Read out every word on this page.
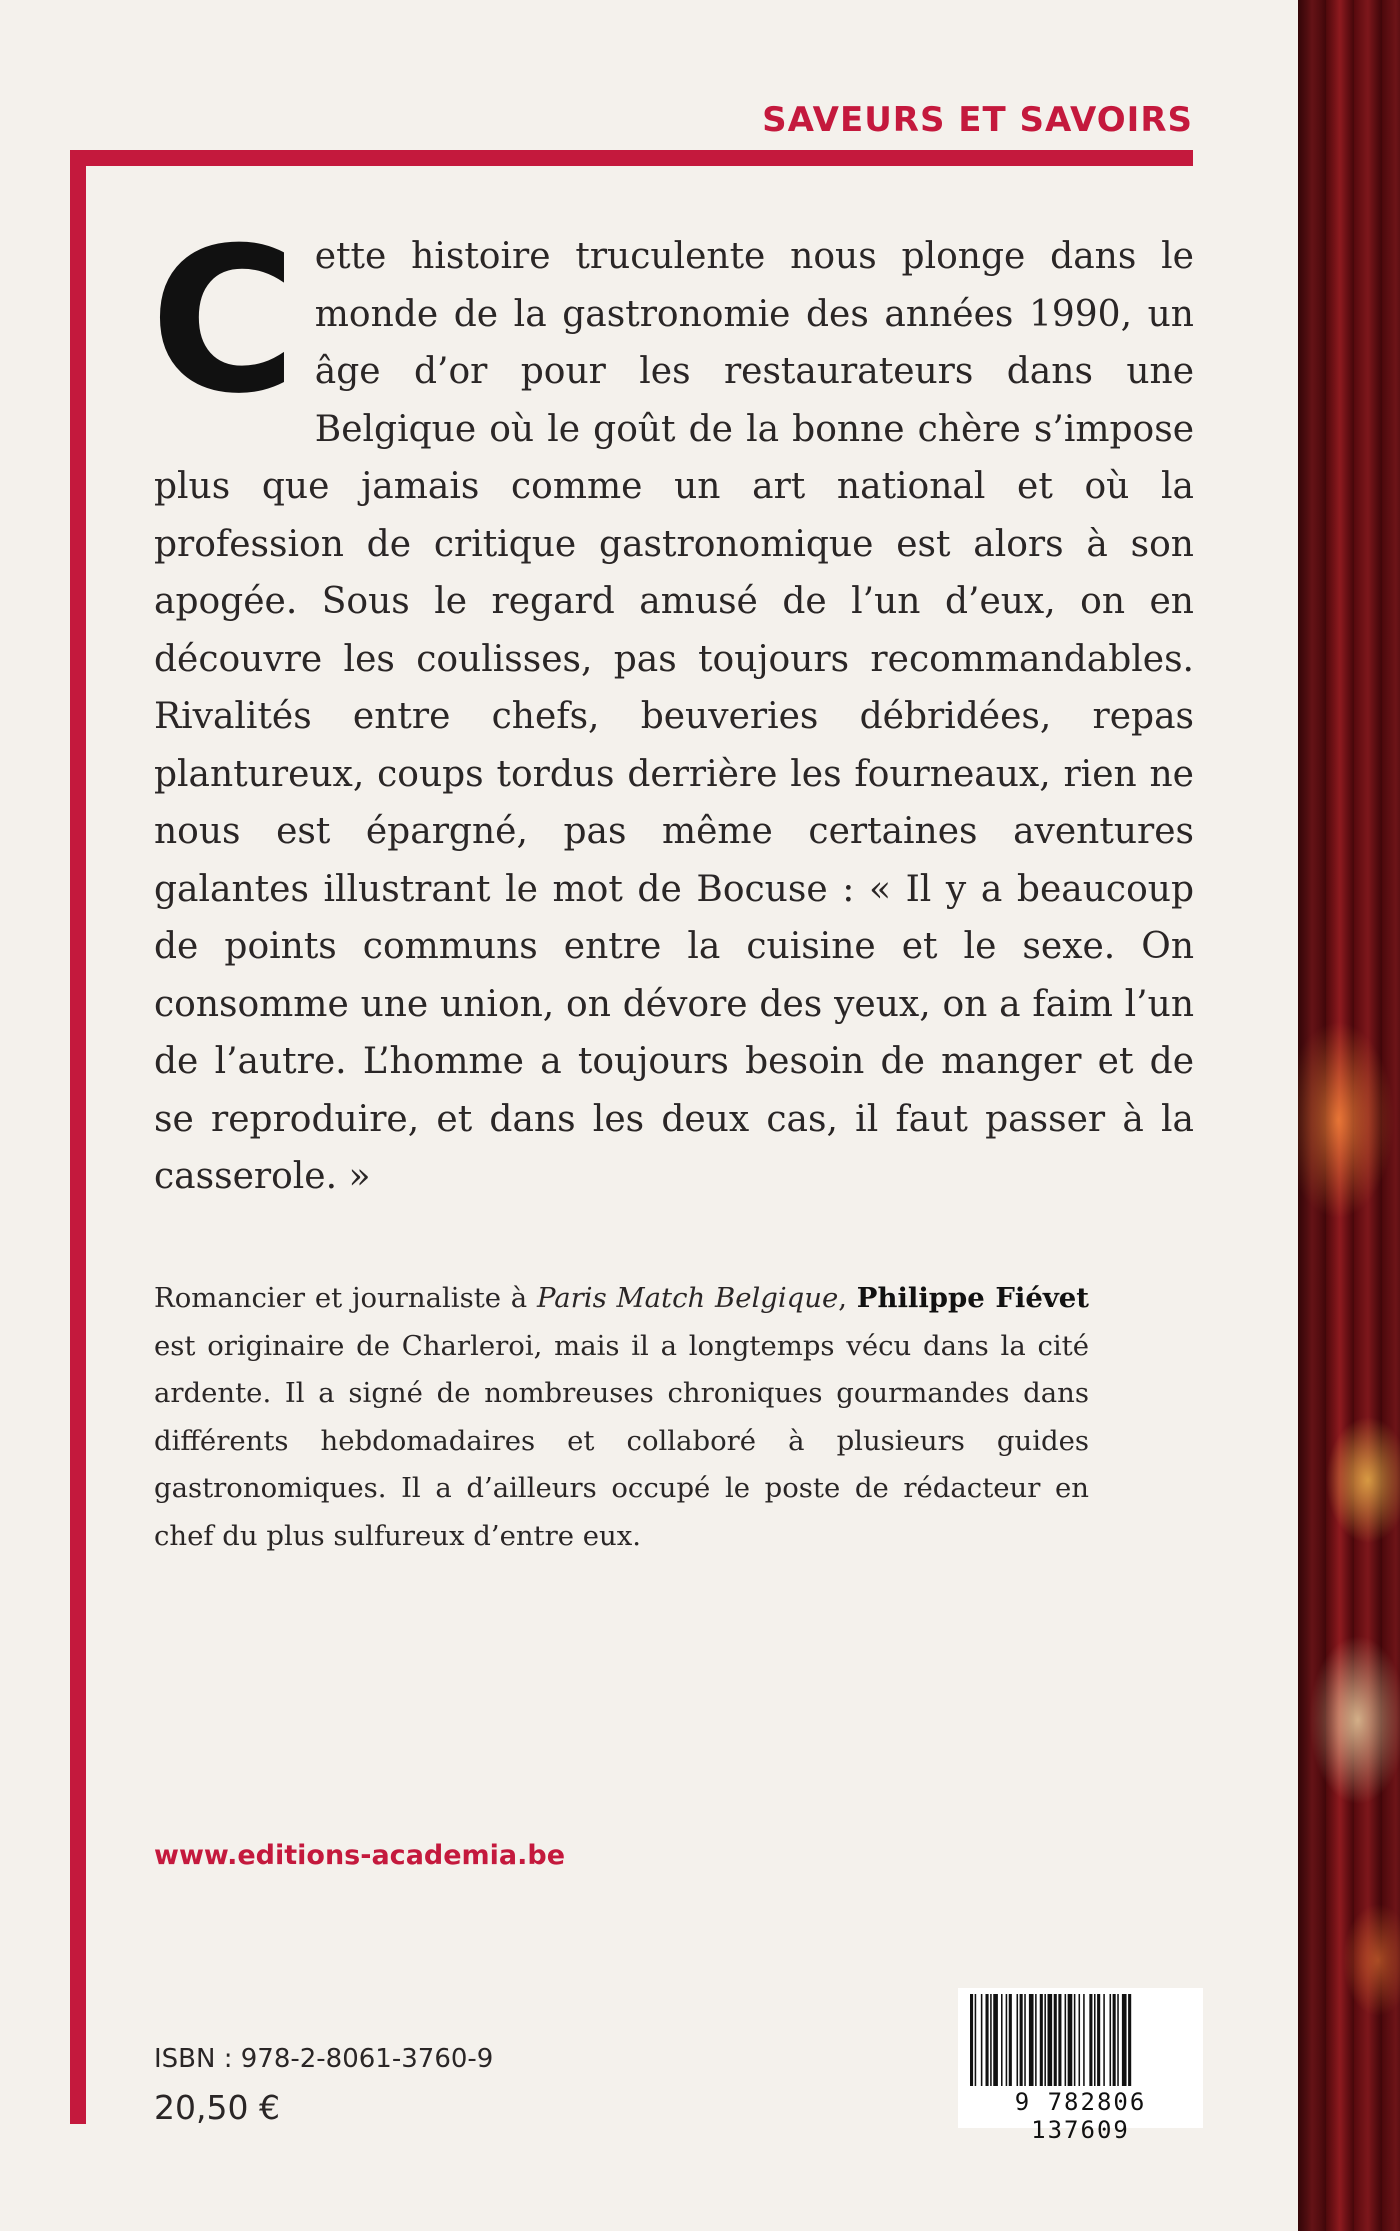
SAVEURS ET SAVOIRS

Cette histoire truculente nous plonge dans le monde de la gastronomie des années 1990, un âge d’or pour les restaurateurs dans une Belgique où le goût de la bonne chère s’impose plus que jamais comme un art national et où la profession de critique gastronomique est alors à son apogée. Sous le regard amusé de l’un d’eux, on en découvre les coulisses, pas toujours recommandables. Rivalités entre chefs, beuveries débridées, repas plantureux, coups tordus derrière les fourneaux, rien ne nous est épargné, pas même certaines aventures galantes illustrant le mot de Bocuse : « Il y a beaucoup de points communs entre la cuisine et le sexe. On consomme une union, on dévore des yeux, on a faim l’un de l’autre. L’homme a toujours besoin de manger et de se reproduire, et dans les deux cas, il faut passer à la casserole. »

Romancier et journaliste à Paris Match Belgique, Philippe Fiévet est originaire de Charleroi, mais il a longtemps vécu dans la cité ardente. Il a signé de nombreuses chroniques gourmandes dans différents hebdomadaires et collaboré à plusieurs guides gastronomiques. Il a d’ailleurs occupé le poste de rédacteur en chef du plus sulfureux d’entre eux.

www.editions-academia.be
ISBN : 978-2-8061-3760-9
20,50 €	9 782806 137609
